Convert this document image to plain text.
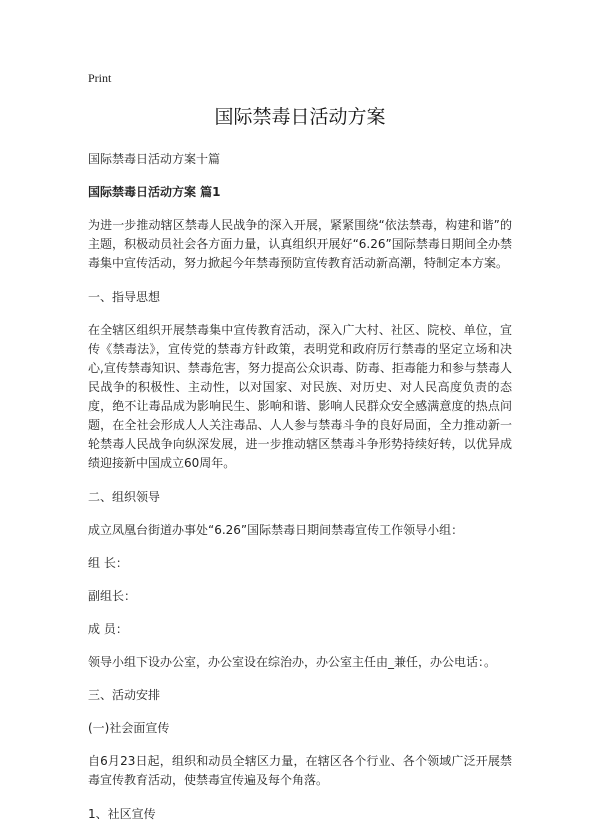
Print
国际禁毒日活动方案

国际禁毒日活动方案十篇

国际禁毒日活动方案 篇1

为进一步推动辖区禁毒人民战争的深入开展，紧紧围绕“依法禁毒，构建和谐”的主题，积极动员社会各方面力量，认真组织开展好“6.26”国际禁毒日期间全办禁毒集中宣传活动，努力掀起今年禁毒预防宣传教育活动新高潮，特制定本方案。

一、指导思想

在全辖区组织开展禁毒集中宣传教育活动，深入广大村、社区、院校、单位，宣传《禁毒法》，宣传党的禁毒方针政策，表明党和政府厉行禁毒的坚定立场和决心,宣传禁毒知识、禁毒危害，努力提高公众识毒、防毒、拒毒能力和参与禁毒人民战争的积极性、主动性，以对国家、对民族、对历史、对人民高度负责的态度，绝不让毒品成为影响民生、影响和谐、影响人民群众安全感满意度的热点问题，在全社会形成人人关注毒品、人人参与禁毒斗争的良好局面，全力推动新一轮禁毒人民战争向纵深发展，进一步推动辖区禁毒斗争形势持续好转，以优异成绩迎接新中国成立60周年。

二、组织领导

成立凤凰台街道办事处“6.26”国际禁毒日期间禁毒宣传工作领导小组：

组 长：

副组长：

成 员：

领导小组下设办公室，办公室设在综治办，办公室主任由_兼任，办公电话：。

三、活动安排

(一)社会面宣传

自6月23日起，组织和动员全辖区力量，在辖区各个行业、各个领域广泛开展禁毒宣传教育活动，使禁毒宣传遍及每个角落。

1、社区宣传
